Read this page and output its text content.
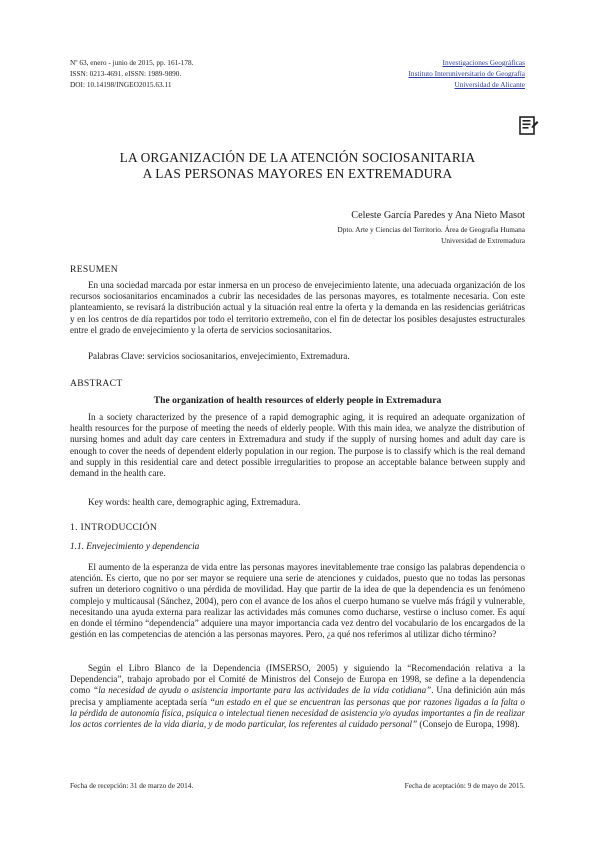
Nº 63, enero - junio de 2015, pp. 161-178.
ISSN: 0213-4691. eISSN: 1989-9890.
DOI: 10.14198/INGEO2015.63.11
Investigaciones Geográficas
Instituto Interuniversitario de Geografía
Universidad de Alicante
LA ORGANIZACIÓN DE LA ATENCIÓN SOCIOSANITARIA
A LAS PERSONAS MAYORES EN EXTREMADURA
Celeste García Paredes y Ana Nieto Masot
Dpto. Arte y Ciencias del Territorio. Área de Geografía Humana
Universidad de Extremadura
RESUMEN

En una sociedad marcada por estar inmersa en un proceso de envejecimiento latente, una adecuada organización de los recursos sociosanitarios encaminados a cubrir las necesidades de las personas mayores, es totalmente necesaria. Con este planteamiento, se revisará la distribución actual y la situación real entre la oferta y la demanda en las residencias geriátricas y en los centros de día repartidos por todo el territorio extremeño, con el fin de detectar los posibles desajustes estructurales entre el grado de envejecimiento y la oferta de servicios sociosanitarios.

Palabras Clave: servicios sociosanitarios, envejecimiento, Extremadura.
ABSTRACT
The organization of health resources of elderly people in Extremadura

In a society characterized by the presence of a rapid demographic aging, it is required an adequate organization of health resources for the purpose of meeting the needs of elderly people. With this main idea, we analyze the distribution of nursing homes and adult day care centers in Extremadura and study if the supply of nursing homes and adult day care is enough to cover the needs of dependent elderly population in our region. The purpose is to classify which is the real demand and supply in this residential care and detect possible irregularities to propose an acceptable balance between supply and demand in the health care.

Key words: health care, demographic aging, Extremadura.
1. INTRODUCCIÓN
1.1. Envejecimiento y dependencia

El aumento de la esperanza de vida entre las personas mayores inevitablemente trae consigo las palabras dependencia o atención. Es cierto, que no por ser mayor se requiere una serie de atenciones y cuidados, puesto que no todas las personas sufren un deterioro cognitivo o una pérdida de movilidad. Hay que partir de la idea de que la dependencia es un fenómeno complejo y multicausal (Sánchez, 2004), pero con el avance de los años el cuerpo humano se vuelve más frágil y vulnerable, necesitando una ayuda externa para realizar las actividades más comunes como ducharse, vestirse o incluso comer. Es aquí en donde el término “dependencia” adquiere una mayor importancia cada vez dentro del vocabulario de los encargados de la gestión en las competencias de atención a las personas mayores. Pero, ¿a qué nos referimos al utilizar dicho término?

Según el Libro Blanco de la Dependencia (IMSERSO, 2005) y siguiendo la “Recomendación relativa a la Dependencia”, trabajo aprobado por el Comité de Ministros del Consejo de Europa en 1998, se define a la dependencia como “la necesidad de ayuda o asistencia importante para las actividades de la vida cotidiana”. Una definición aún más precisa y ampliamente aceptada sería “un estado en el que se encuentran las personas que por razones ligadas a la falta o la pérdida de autonomía física, psíquica o intelectual tienen necesidad de asistencia y/o ayudas importantes a fin de realizar los actos corrientes de la vida diaria, y de modo particular, los referentes al cuidado personal” (Consejo de Europa, 1998).

Fecha de recepción: 31 de marzo de 2014.	Fecha de aceptación: 9 de mayo de 2015.
